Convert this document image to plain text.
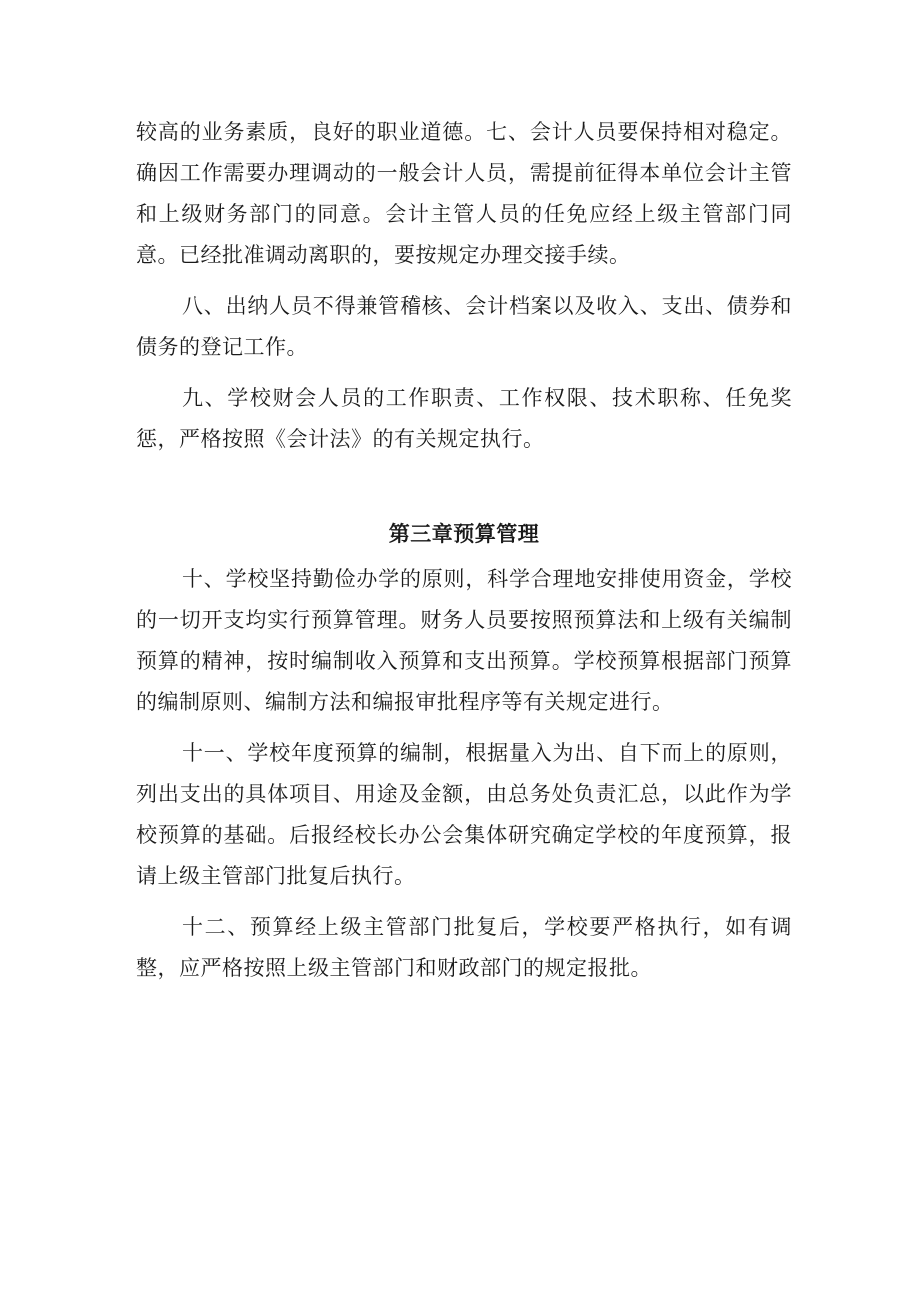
较高的业务素质，良好的职业道德。七、会计人员要保持相对稳定。确因工作需要办理调动的一般会计人员，需提前征得本单位会计主管和上级财务部门的同意。会计主管人员的任免应经上级主管部门同意。已经批准调动离职的，要按规定办理交接手续。

八、出纳人员不得兼管稽核、会计档案以及收入、支出、债券和债务的登记工作。

九、学校财会人员的工作职责、工作权限、技术职称、任免奖惩，严格按照《会计法》的有关规定执行。

第三章预算管理

十、学校坚持勤俭办学的原则，科学合理地安排使用资金，学校的一切开支均实行预算管理。财务人员要按照预算法和上级有关编制预算的精神，按时编制收入预算和支出预算。学校预算根据部门预算的编制原则、编制方法和编报审批程序等有关规定进行。

十一、学校年度预算的编制，根据量入为出、自下而上的原则，列出支出的具体项目、用途及金额，由总务处负责汇总，以此作为学校预算的基础。后报经校长办公会集体研究确定学校的年度预算，报请上级主管部门批复后执行。

十二、预算经上级主管部门批复后，学校要严格执行，如有调整，应严格按照上级主管部门和财政部门的规定报批。
